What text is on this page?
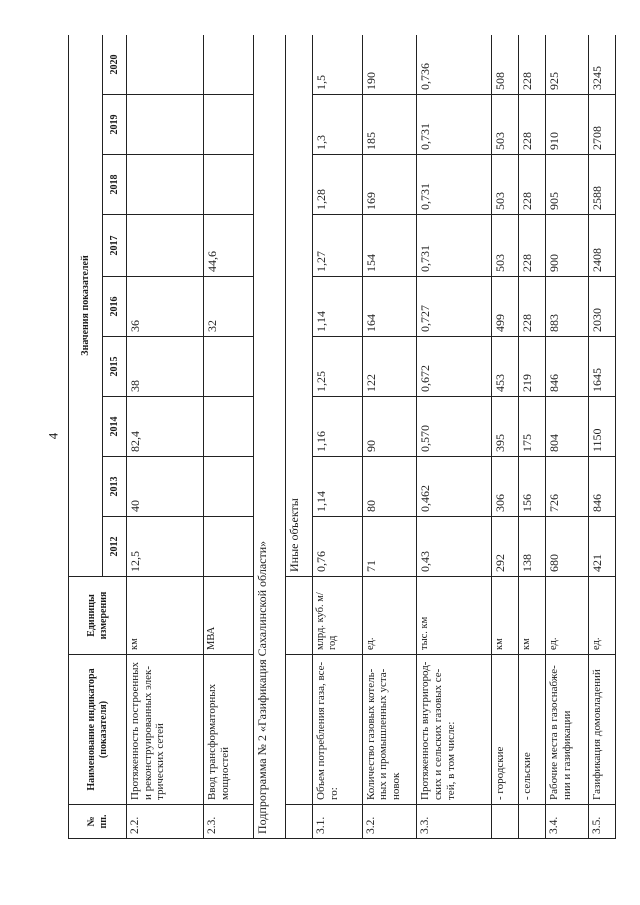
4
№ пп.	Наименование индикатора (показателя)	Единицы измерения	Значения показателей								
			2012	2013	2014	2015	2016	2017	2018	2019	2020
2.2.	Протяженность построенных и реконструированных элек-трических сетей	км	12,5	40	82,4	38	36				
2.3.	Ввод трансформаторных мощностей	МВА					32	44,6			
Подпрограмма № 2 «Газификация Сахалинской области»											
			Иные объекты								
3.1.	Объем потребления газа, все-го:	млрд. куб. м/год	0,76	1,14	1,16	1,25	1,14	1,27	1,28	1,3	1,5
3.2.	Количество газовых котель-ных и промышленных уста-новок	ед.	71	80	90	122	164	154	169	185	190
3.3.	Протяженность внутригород-ских и сельских газовых се-тей, в том числе:	тыс. км	0,43	0,462	0,570	0,672	0,727	0,731	0,731	0,731	0,736
	- городские	км	292	306	395	453	499	503	503	503	508
	- сельские	км	138	156	175	219	228	228	228	228	228
3.4.	Рабочие места в газоснабже-нии и газификации	ед.	680	726	804	846	883	900	905	910	925
3.5.	Газификация домовладений	ед.	421	846	1150	1645	2030	2408	2588	2708	3245
